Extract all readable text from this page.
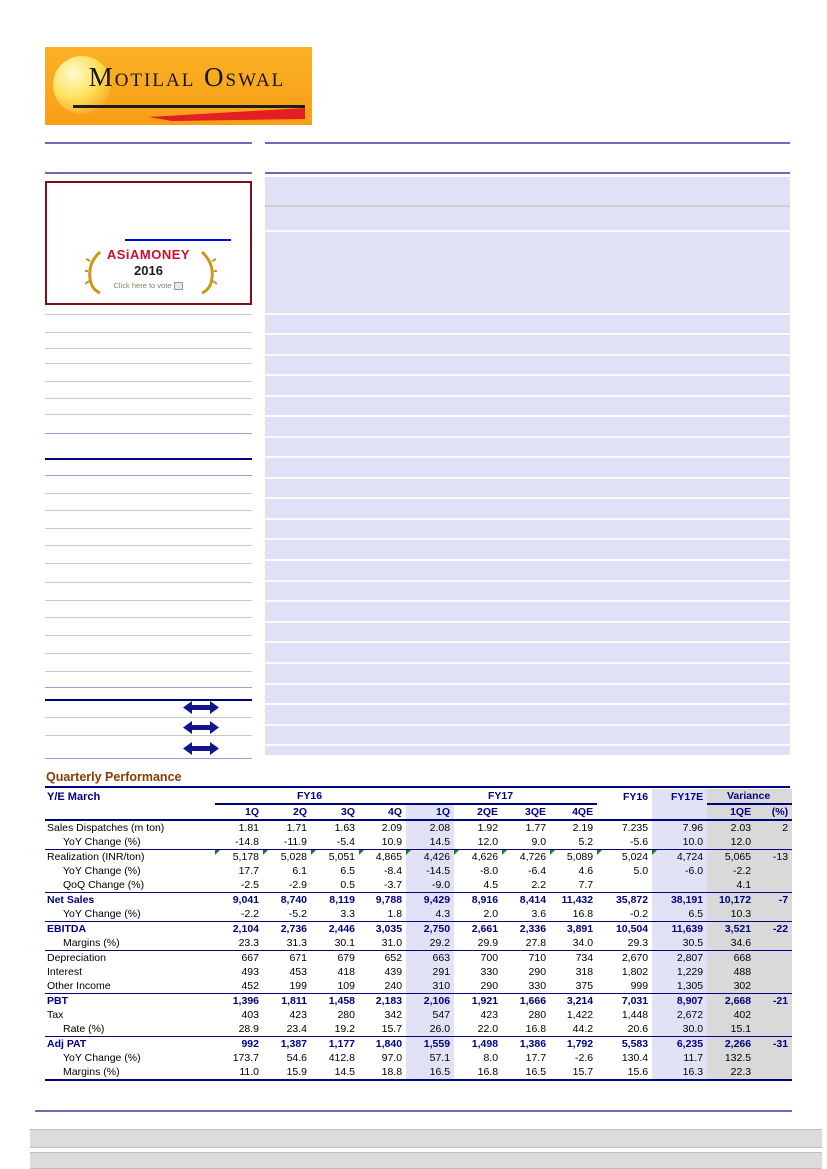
Motilal Oswal
ASiAMONEY
2016
Click here to vote
Quarterly Performance
Y/E March	FY16				FY17				FY16	FY17E	Variance	
	1Q	2Q	3Q	4Q	1Q	2QE	3QE	4QE			1QE	(%)
Sales Dispatches (m ton)	1.81	1.71	1.63	2.09	2.08	1.92	1.77	2.19	7.235	7.96	2.03	2
YoY Change (%)	-14.8	-11.9	-5.4	10.9	14.5	12.0	9.0	5.2	-5.6	10.0	12.0	
Realization (INR/ton)	5,178	5,028	5,051	4,865	4,426	4,626	4,726	5,089	5,024	4,724	5,065	-13
YoY Change (%)	17.7	6.1	6.5	-8.4	-14.5	-8.0	-6.4	4.6	5.0	-6.0	-2.2	
QoQ Change (%)	-2.5	-2.9	0.5	-3.7	-9.0	4.5	2.2	7.7			4.1	
Net Sales	9,041	8,740	8,119	9,788	9,429	8,916	8,414	11,432	35,872	38,191	10,172	-7
YoY Change (%)	-2.2	-5.2	3.3	1.8	4.3	2.0	3.6	16.8	-0.2	6.5	10.3	
EBITDA	2,104	2,736	2,446	3,035	2,750	2,661	2,336	3,891	10,504	11,639	3,521	-22
Margins (%)	23.3	31.3	30.1	31.0	29.2	29.9	27.8	34.0	29.3	30.5	34.6	
Depreciation	667	671	679	652	663	700	710	734	2,670	2,807	668	
Interest	493	453	418	439	291	330	290	318	1,802	1,229	488	
Other Income	452	199	109	240	310	290	330	375	999	1,305	302	
PBT	1,396	1,811	1,458	2,183	2,106	1,921	1,666	3,214	7,031	8,907	2,668	-21
Tax	403	423	280	342	547	423	280	1,422	1,448	2,672	402	
Rate (%)	28.9	23.4	19.2	15.7	26.0	22.0	16.8	44.2	20.6	30.0	15.1	
Adj PAT	992	1,387	1,177	1,840	1,559	1,498	1,386	1,792	5,583	6,235	2,266	-31
YoY Change (%)	173.7	54.6	412.8	97.0	57.1	8.0	17.7	-2.6	130.4	11.7	132.5	
Margins (%)	11.0	15.9	14.5	18.8	16.5	16.8	16.5	15.7	15.6	16.3	22.3	
